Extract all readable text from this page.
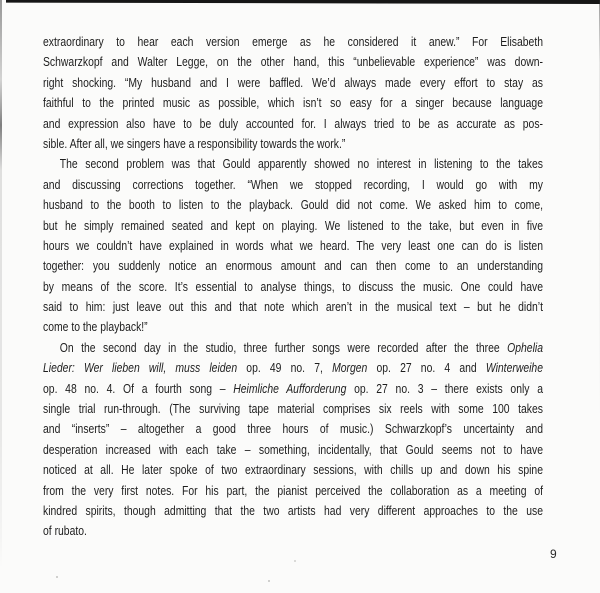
extraordinary to hear each version emerge as he considered it anew.” For Elisabeth
Schwarzkopf and Walter Legge, on the other hand, this “unbelievable experience” was down-
right shocking. “My husband and I were baffled. We’d always made every effort to stay as
faithful to the printed music as possible, which isn’t so easy for a singer because language
and expression also have to be duly accounted for. I always tried to be as accurate as pos-
sible. After all, we singers have a responsibility towards the work.”
The second problem was that Gould apparently showed no interest in listening to the takes
and discussing corrections together. “When we stopped recording, I would go with my
husband to the booth to listen to the playback. Gould did not come. We asked him to come,
but he simply remained seated and kept on playing. We listened to the take, but even in five
hours we couldn’t have explained in words what we heard. The very least one can do is listen
together: you suddenly notice an enormous amount and can then come to an understanding
by means of the score. It’s essential to analyse things, to discuss the music. One could have
said to him: just leave out this and that note which aren’t in the musical text – but he didn’t
come to the playback!”
On the second day in the studio, three further songs were recorded after the three Ophelia
Lieder: Wer lieben will, muss leiden op. 49 no. 7, Morgen op. 27 no. 4 and Winterweihe
op. 48 no. 4. Of a fourth song – Heimliche Aufforderung op. 27 no. 3 – there exists only a
single trial run-through. (The surviving tape material comprises six reels with some 100 takes
and “inserts” – altogether a good three hours of music.) Schwarzkopf’s uncertainty and
desperation increased with each take – something, incidentally, that Gould seems not to have
noticed at all. He later spoke of two extraordinary sessions, with chills up and down his spine
from the very first notes. For his part, the pianist perceived the collaboration as a meeting of
kindred spirits, though admitting that the two artists had very different approaches to the use
of rubato.
9
